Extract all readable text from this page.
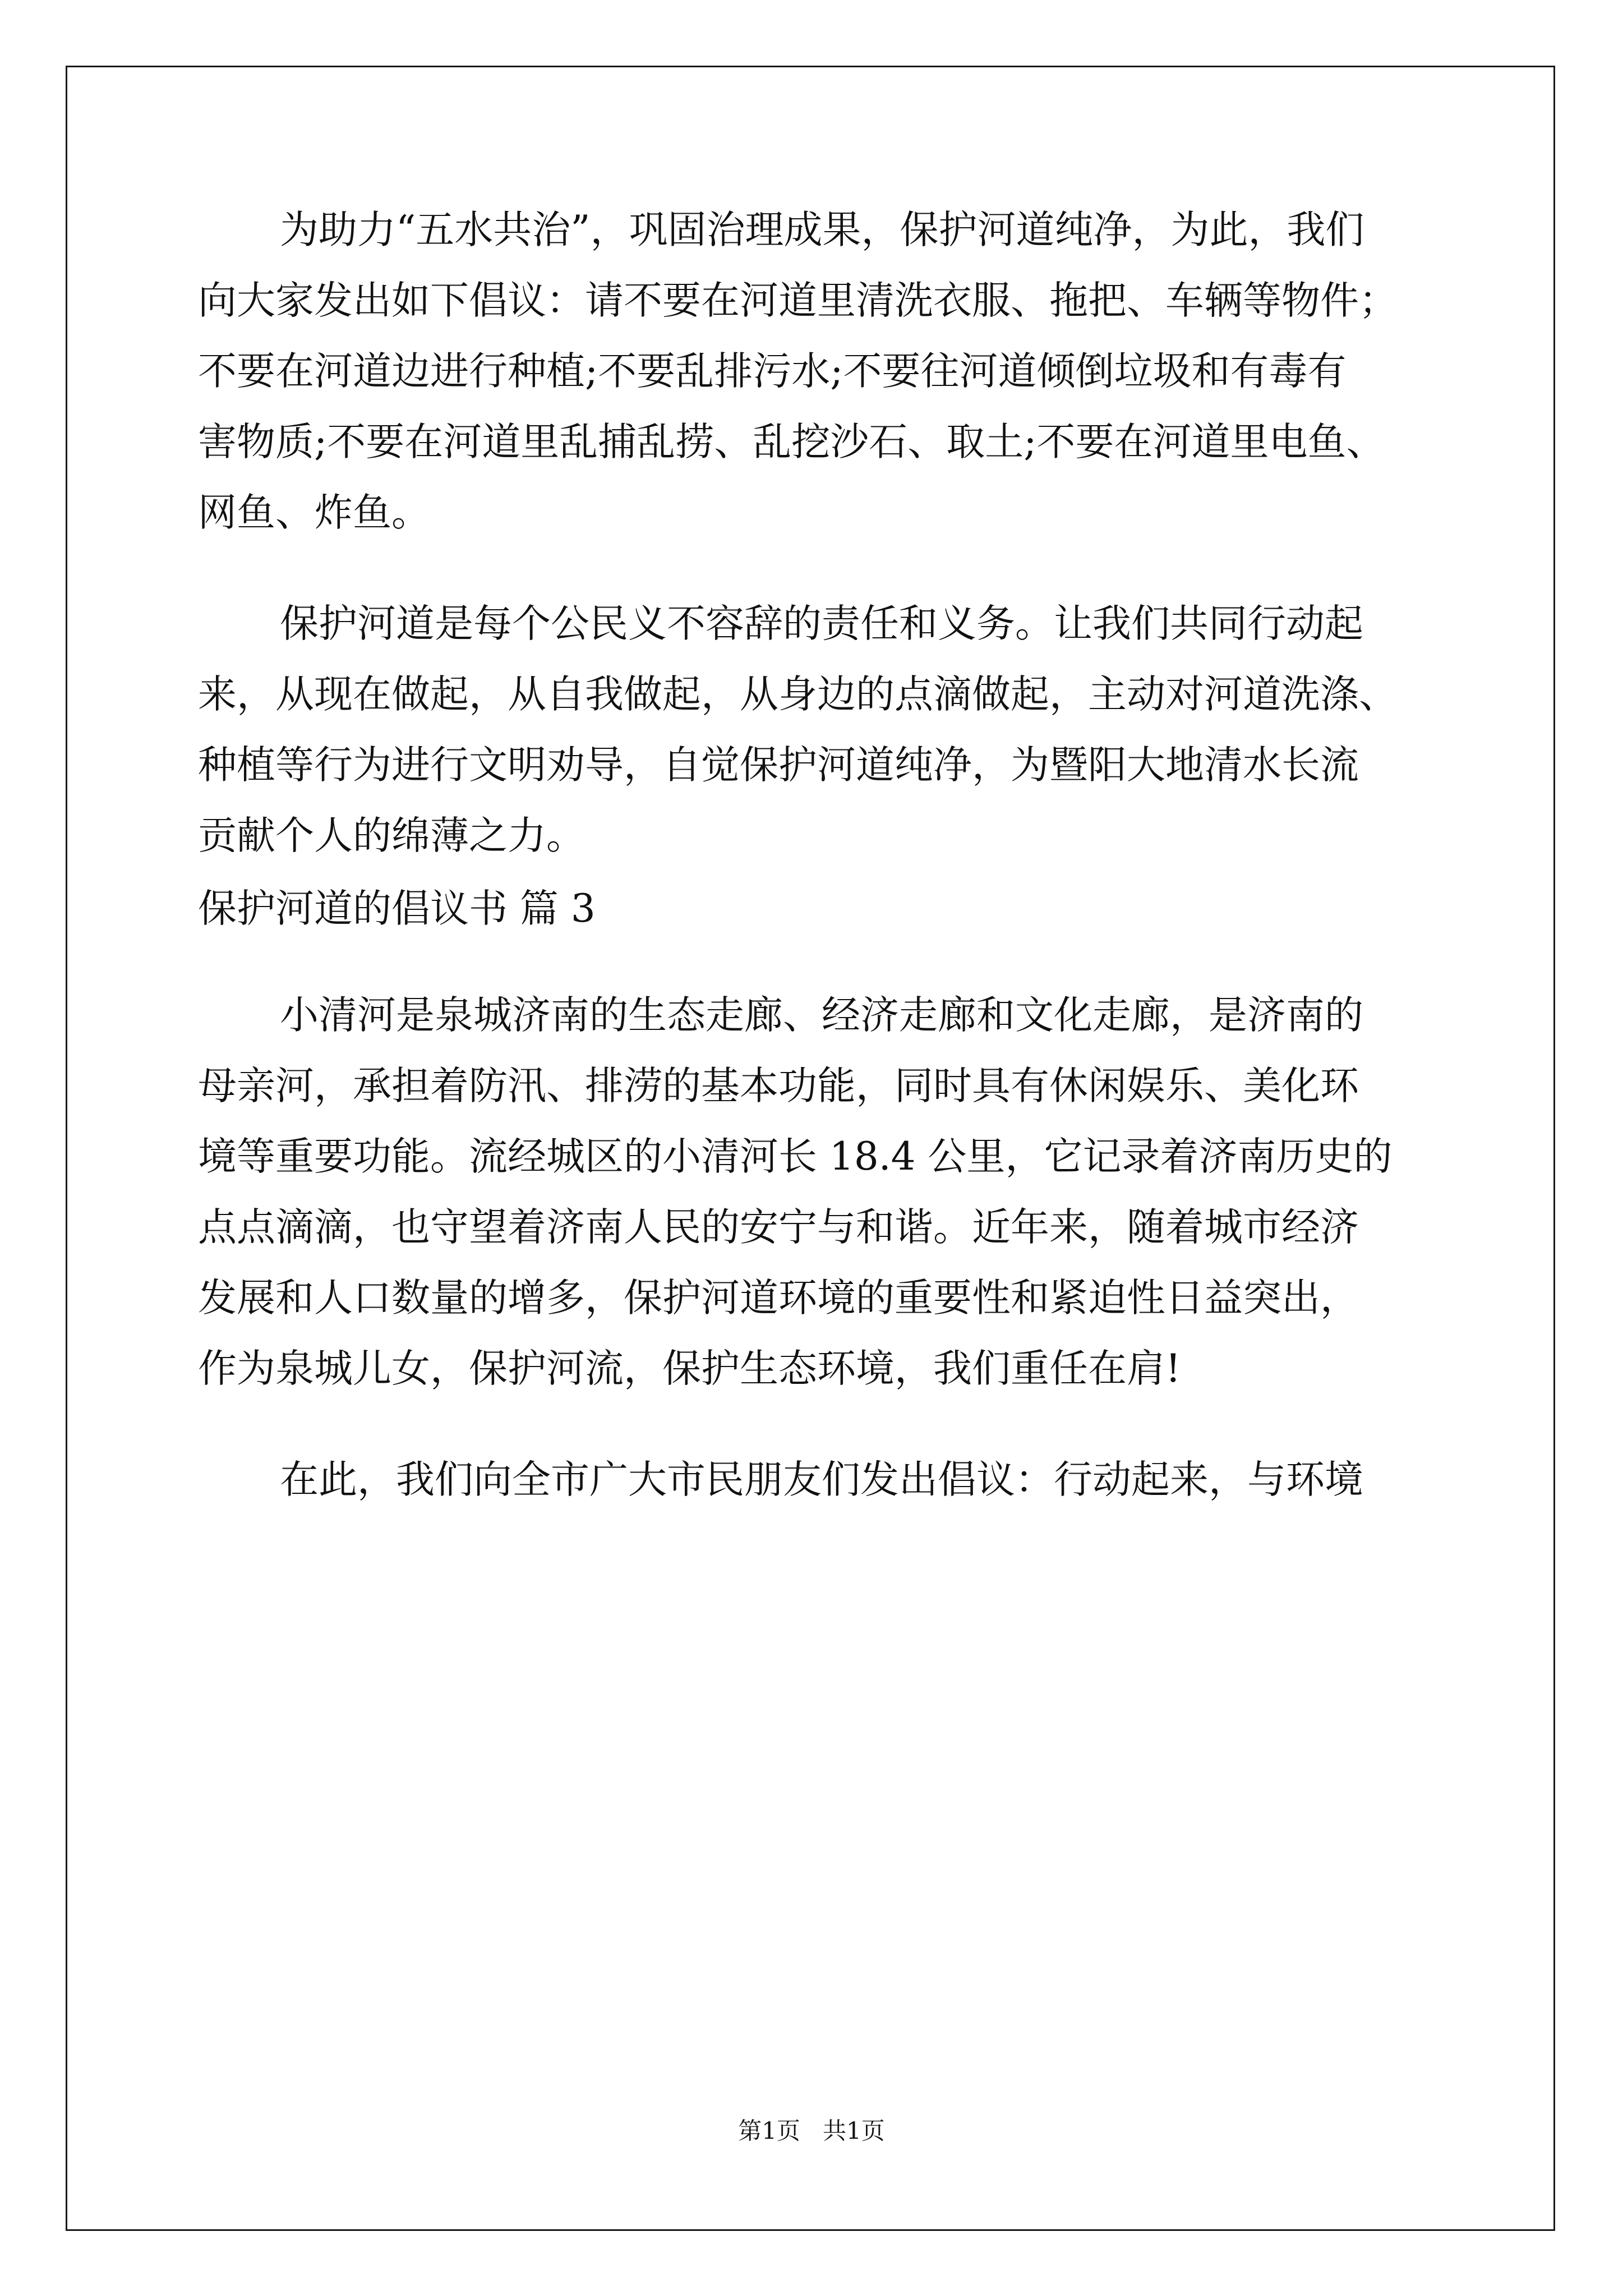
为助力“五水共治”，巩固治理成果，保护河道纯净，为此，我们
向大家发出如下倡议：请不要在河道里清洗衣服、拖把、车辆等物件；
不要在河道边进行种植;不要乱排污水;不要往河道倾倒垃圾和有毒有
害物质;不要在河道里乱捕乱捞、乱挖沙石、取土;不要在河道里电鱼、
网鱼、炸鱼。
保护河道是每个公民义不容辞的责任和义务。让我们共同行动起
来，从现在做起，从自我做起，从身边的点滴做起，主动对河道洗涤、
种植等行为进行文明劝导，自觉保护河道纯净，为暨阳大地清水长流
贡献个人的绵薄之力。
保护河道的倡议书 篇 3
小清河是泉城济南的生态走廊、经济走廊和文化走廊，是济南的
母亲河，承担着防汛、排涝的基本功能，同时具有休闲娱乐、美化环
境等重要功能。流经城区的小清河长 18.4 公里，它记录着济南历史的
点点滴滴，也守望着济南人民的安宁与和谐。近年来，随着城市经济
发展和人口数量的增多，保护河道环境的重要性和紧迫性日益突出，
作为泉城儿女，保护河流，保护生态环境，我们重任在肩!
在此，我们向全市广大市民朋友们发出倡议：行动起来，与环境
第1页   共1页
